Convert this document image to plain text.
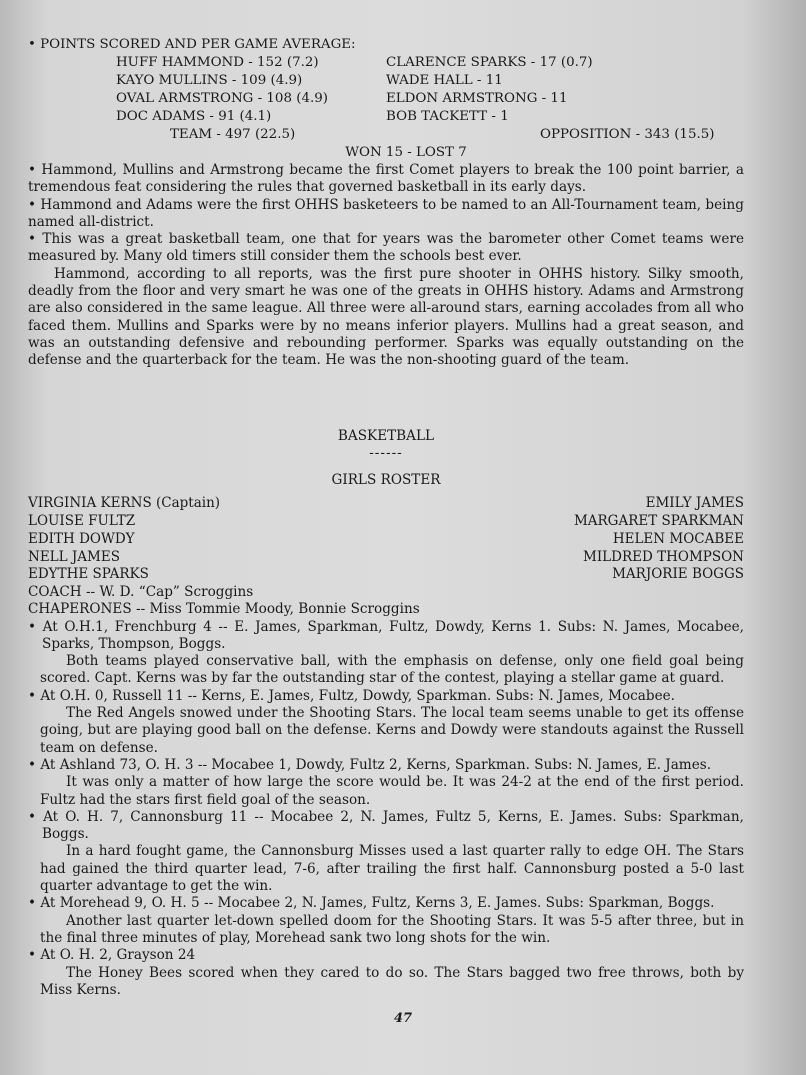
• POINTS SCORED AND PER GAME AVERAGE:
HUFF HAMMOND - 152 (7.2)	CLARENCE SPARKS - 17 (0.7)
KAYO MULLINS - 109 (4.9)	WADE HALL - 11
OVAL ARMSTRONG - 108 (4.9)	ELDON ARMSTRONG - 11
DOC ADAMS - 91 (4.1)	BOB TACKETT - 1
TEAM - 497 (22.5)	OPPOSITION - 343 (15.5)
WON 15 - LOST 7

• Hammond, Mullins and Armstrong became the first Comet players to break the 100 point barrier, a tremendous feat considering the rules that governed basketball in its early days.

• Hammond and Adams were the first OHHS basketeers to be named to an All-Tournament team, being named all-district.

• This was a great basketball team, one that for years was the barometer other Comet teams were measured by. Many old timers still consider them the schools best ever.

Hammond, according to all reports, was the first pure shooter in OHHS history. Silky smooth, deadly from the floor and very smart he was one of the greats in OHHS history. Adams and Armstrong are also considered in the same league. All three were all-around stars, earning accolades from all who faced them. Mullins and Sparks were by no means inferior players. Mullins had a great season, and was an outstanding defensive and rebounding performer. Sparks was equally outstanding on the defense and the quarterback for the team. He was the non-shooting guard of the team.

BASKETBALL
------
GIRLS ROSTER
VIRGINIA KERNS (Captain)	EMILY JAMES
LOUISE FULTZ	MARGARET SPARKMAN
EDITH DOWDY	HELEN MOCABEE
NELL JAMES	MILDRED THOMPSON
EDYTHE SPARKS	MARJORIE BOGGS
COACH -- W. D. “Cap” Scroggins
CHAPERONES -- Miss Tommie Moody, Bonnie Scroggins

• At O.H.1, Frenchburg 4 -- E. James, Sparkman, Fultz, Dowdy, Kerns 1. Subs: N. James, Mocabee, Sparks, Thompson, Boggs.

Both teams played conservative ball, with the emphasis on defense, only one field goal being scored. Capt. Kerns was by far the outstanding star of the contest, playing a stellar game at guard.

• At O.H. 0, Russell 11 -- Kerns, E. James, Fultz, Dowdy, Sparkman. Subs: N. James, Mocabee.

The Red Angels snowed under the Shooting Stars. The local team seems unable to get its offense going, but are playing good ball on the defense. Kerns and Dowdy were standouts against the Russell team on defense.

• At Ashland 73, O. H. 3 -- Mocabee 1, Dowdy, Fultz 2, Kerns, Sparkman. Subs: N. James, E. James.

It was only a matter of how large the score would be. It was 24-2 at the end of the first period. Fultz had the stars first field goal of the season.

• At O. H. 7, Cannonsburg 11 -- Mocabee 2, N. James, Fultz 5, Kerns, E. James. Subs: Sparkman, Boggs.

In a hard fought game, the Cannonsburg Misses used a last quarter rally to edge OH. The Stars had gained the third quarter lead, 7-6, after trailing the first half. Cannonsburg posted a 5-0 last quarter advantage to get the win.

• At Morehead 9, O. H. 5 -- Mocabee 2, N. James, Fultz, Kerns 3, E. James. Subs: Sparkman, Boggs.

Another last quarter let-down spelled doom for the Shooting Stars. It was 5-5 after three, but in the final three minutes of play, Morehead sank two long shots for the win.

• At O. H. 2, Grayson 24

The Honey Bees scored when they cared to do so. The Stars bagged two free throws, both by Miss Kerns.

47
